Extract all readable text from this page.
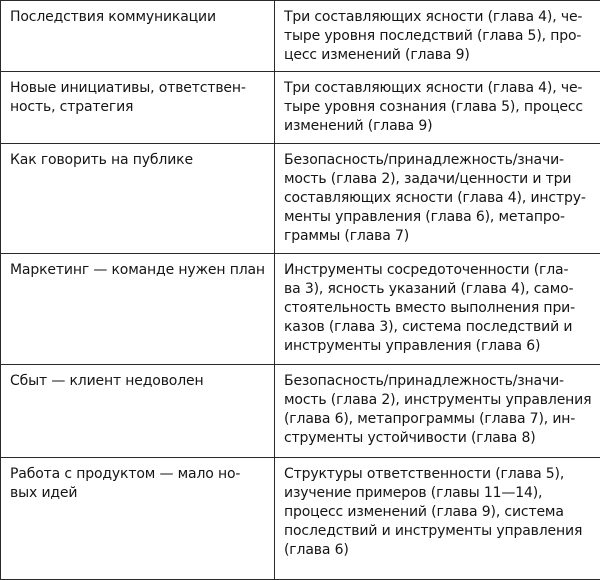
Последствия коммуникации	Три составляющих ясности (глава 4), че-
тыре уровня последствий (глава 5), про-
цесс изменений (глава 9)

Новые инициативы, ответствен-
ность, стратегия	Три составляющих ясности (глава 4), че-
тыре уровня сознания (глава 5), процесс
изменений (глава 9)

Как говорить на публике	Безопасность/принадлежность/значи-
мость (глава 2), задачи/ценности и три
составляющих ясности (глава 4), инстру-
менты управления (глава 6), метапро-
граммы (глава 7)

Маркетинг — команде нужен план	Инструменты сосредоточенности (гла-
ва 3), ясность указаний (глава 4), само-
стоятельность вместо выполнения при-
казов (глава 3), система последствий и
инструменты управления (глава 6)

Сбыт — клиент недоволен	Безопасность/принадлежность/значи-
мость (глава 2), инструменты управления
(глава 6), метапрограммы (глава 7), ин-
струменты устойчивости (глава 8)

Работа с продуктом — мало но-
вых идей	Структуры ответственности (глава 5),
изучение примеров (главы 11—14),
процесс изменений (глава 9), система
последствий и инструменты управления
(глава 6)
